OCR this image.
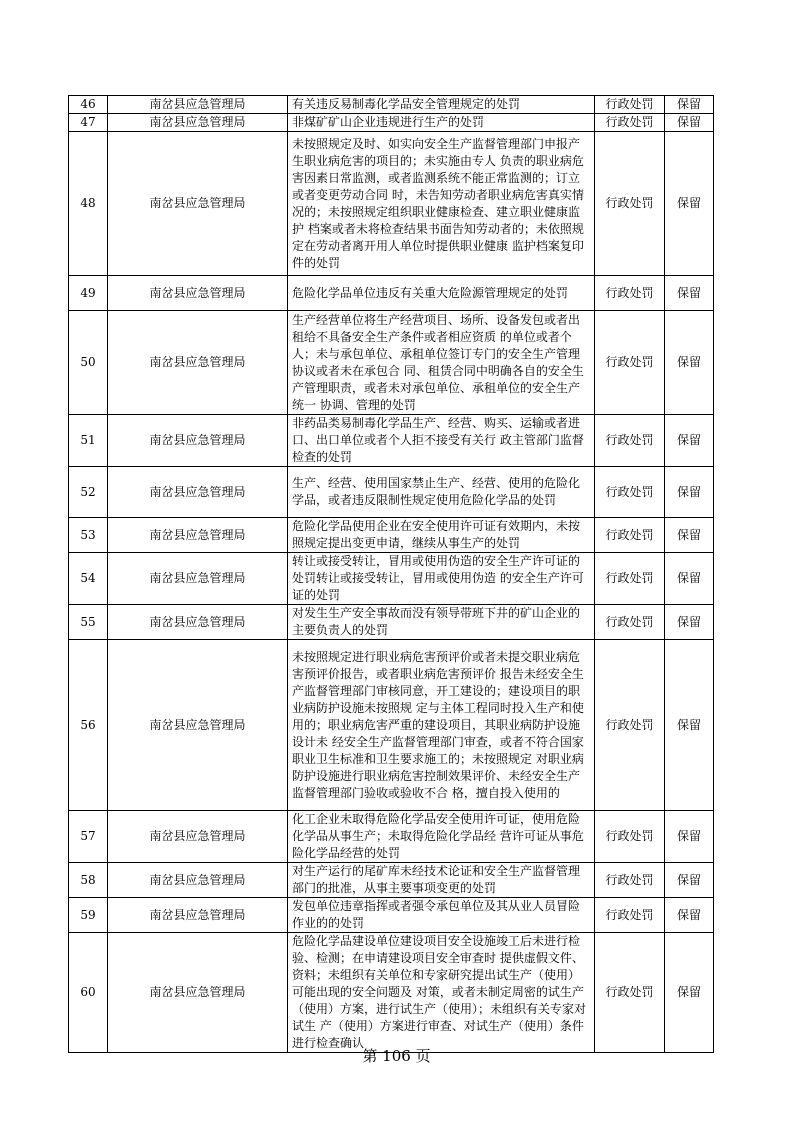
46	南岔县应急管理局	有关违反易制毒化学品安全管理规定的处罚	行政处罚	保留
47	南岔县应急管理局	非煤矿矿山企业违规进行生产的处罚	行政处罚	保留
48	南岔县应急管理局	未按照规定及时、如实向安全生产监督管理部门申报产生职业病危害的项目的；未实施由专人 负责的职业病危害因素日常监测，或者监测系统不能正常监测的；订立或者变更劳动合同 时，未告知劳动者职业病危害真实情况的；未按照规定组织职业健康检查、建立职业健康监护 档案或者未将检查结果书面告知劳动者的；未依照规定在劳动者离开用人单位时提供职业健康 监护档案复印件的处罚	行政处罚	保留
49	南岔县应急管理局	危险化学品单位违反有关重大危险源管理规定的处罚	行政处罚	保留
50	南岔县应急管理局	生产经营单位将生产经营项目、场所、设备发包或者出租给不具备安全生产条件或者相应资质 的单位或者个人；未与承包单位、承租单位签订专门的安全生产管理协议或者未在承包合 同、租赁合同中明确各自的安全生产管理职责，或者未对承包单位、承租单位的安全生产统一 协调、管理的处罚	行政处罚	保留
51	南岔县应急管理局	非药品类易制毒化学品生产、经营、购买、运输或者进口、出口单位或者个人拒不接受有关行 政主管部门监督检查的处罚	行政处罚	保留
52	南岔县应急管理局	生产、经营、使用国家禁止生产、经营、使用的危险化学品，或者违反限制性规定使用危险化学品的处罚	行政处罚	保留
53	南岔县应急管理局	危险化学品使用企业在安全使用许可证有效期内，未按照规定提出变更申请，继续从事生产的处罚	行政处罚	保留
54	南岔县应急管理局	转让或接受转让，冒用或使用伪造的安全生产许可证的处罚转让或接受转让，冒用或使用伪造 的安全生产许可证的处罚	行政处罚	保留
55	南岔县应急管理局	对发生生产安全事故而没有领导带班下井的矿山企业的主要负责人的处罚	行政处罚	保留
56	南岔县应急管理局	未按照规定进行职业病危害预评价或者未提交职业病危害预评价报告，或者职业病危害预评价 报告未经安全生产监督管理部门审核同意，开工建设的；建设项目的职业病防护设施未按照规 定与主体工程同时投入生产和使用的；职业病危害严重的建设项目，其职业病防护设施设计未 经安全生产监督管理部门审查，或者不符合国家职业卫生标准和卫生要求施工的；未按照规定 对职业病防护设施进行职业病危害控制效果评价、未经安全生产监督管理部门验收或验收不合 格，擅自投入使用的	行政处罚	保留
57	南岔县应急管理局	化工企业未取得危险化学品安全使用许可证，使用危险化学品从事生产；未取得危险化学品经 营许可证从事危险化学品经营的处罚	行政处罚	保留
58	南岔县应急管理局	对生产运行的尾矿库未经技术论证和安全生产监督管理部门的批准，从事主要事项变更的处罚	行政处罚	保留
59	南岔县应急管理局	发包单位违章指挥或者强令承包单位及其从业人员冒险作业的的处罚	行政处罚	保留
60	南岔县应急管理局	危险化学品建设单位建设项目安全设施竣工后未进行检验、检测；在申请建设项目安全审查时 提供虚假文件、资料；未组织有关单位和专家研究提出试生产（使用）可能出现的安全问题及 对策，或者未制定周密的试生产（使用）方案，进行试生产（使用）；未组织有关专家对试生 产（使用）方案进行审查、对试生产（使用）条件进行检查确认	行政处罚	保留
第 106 页
